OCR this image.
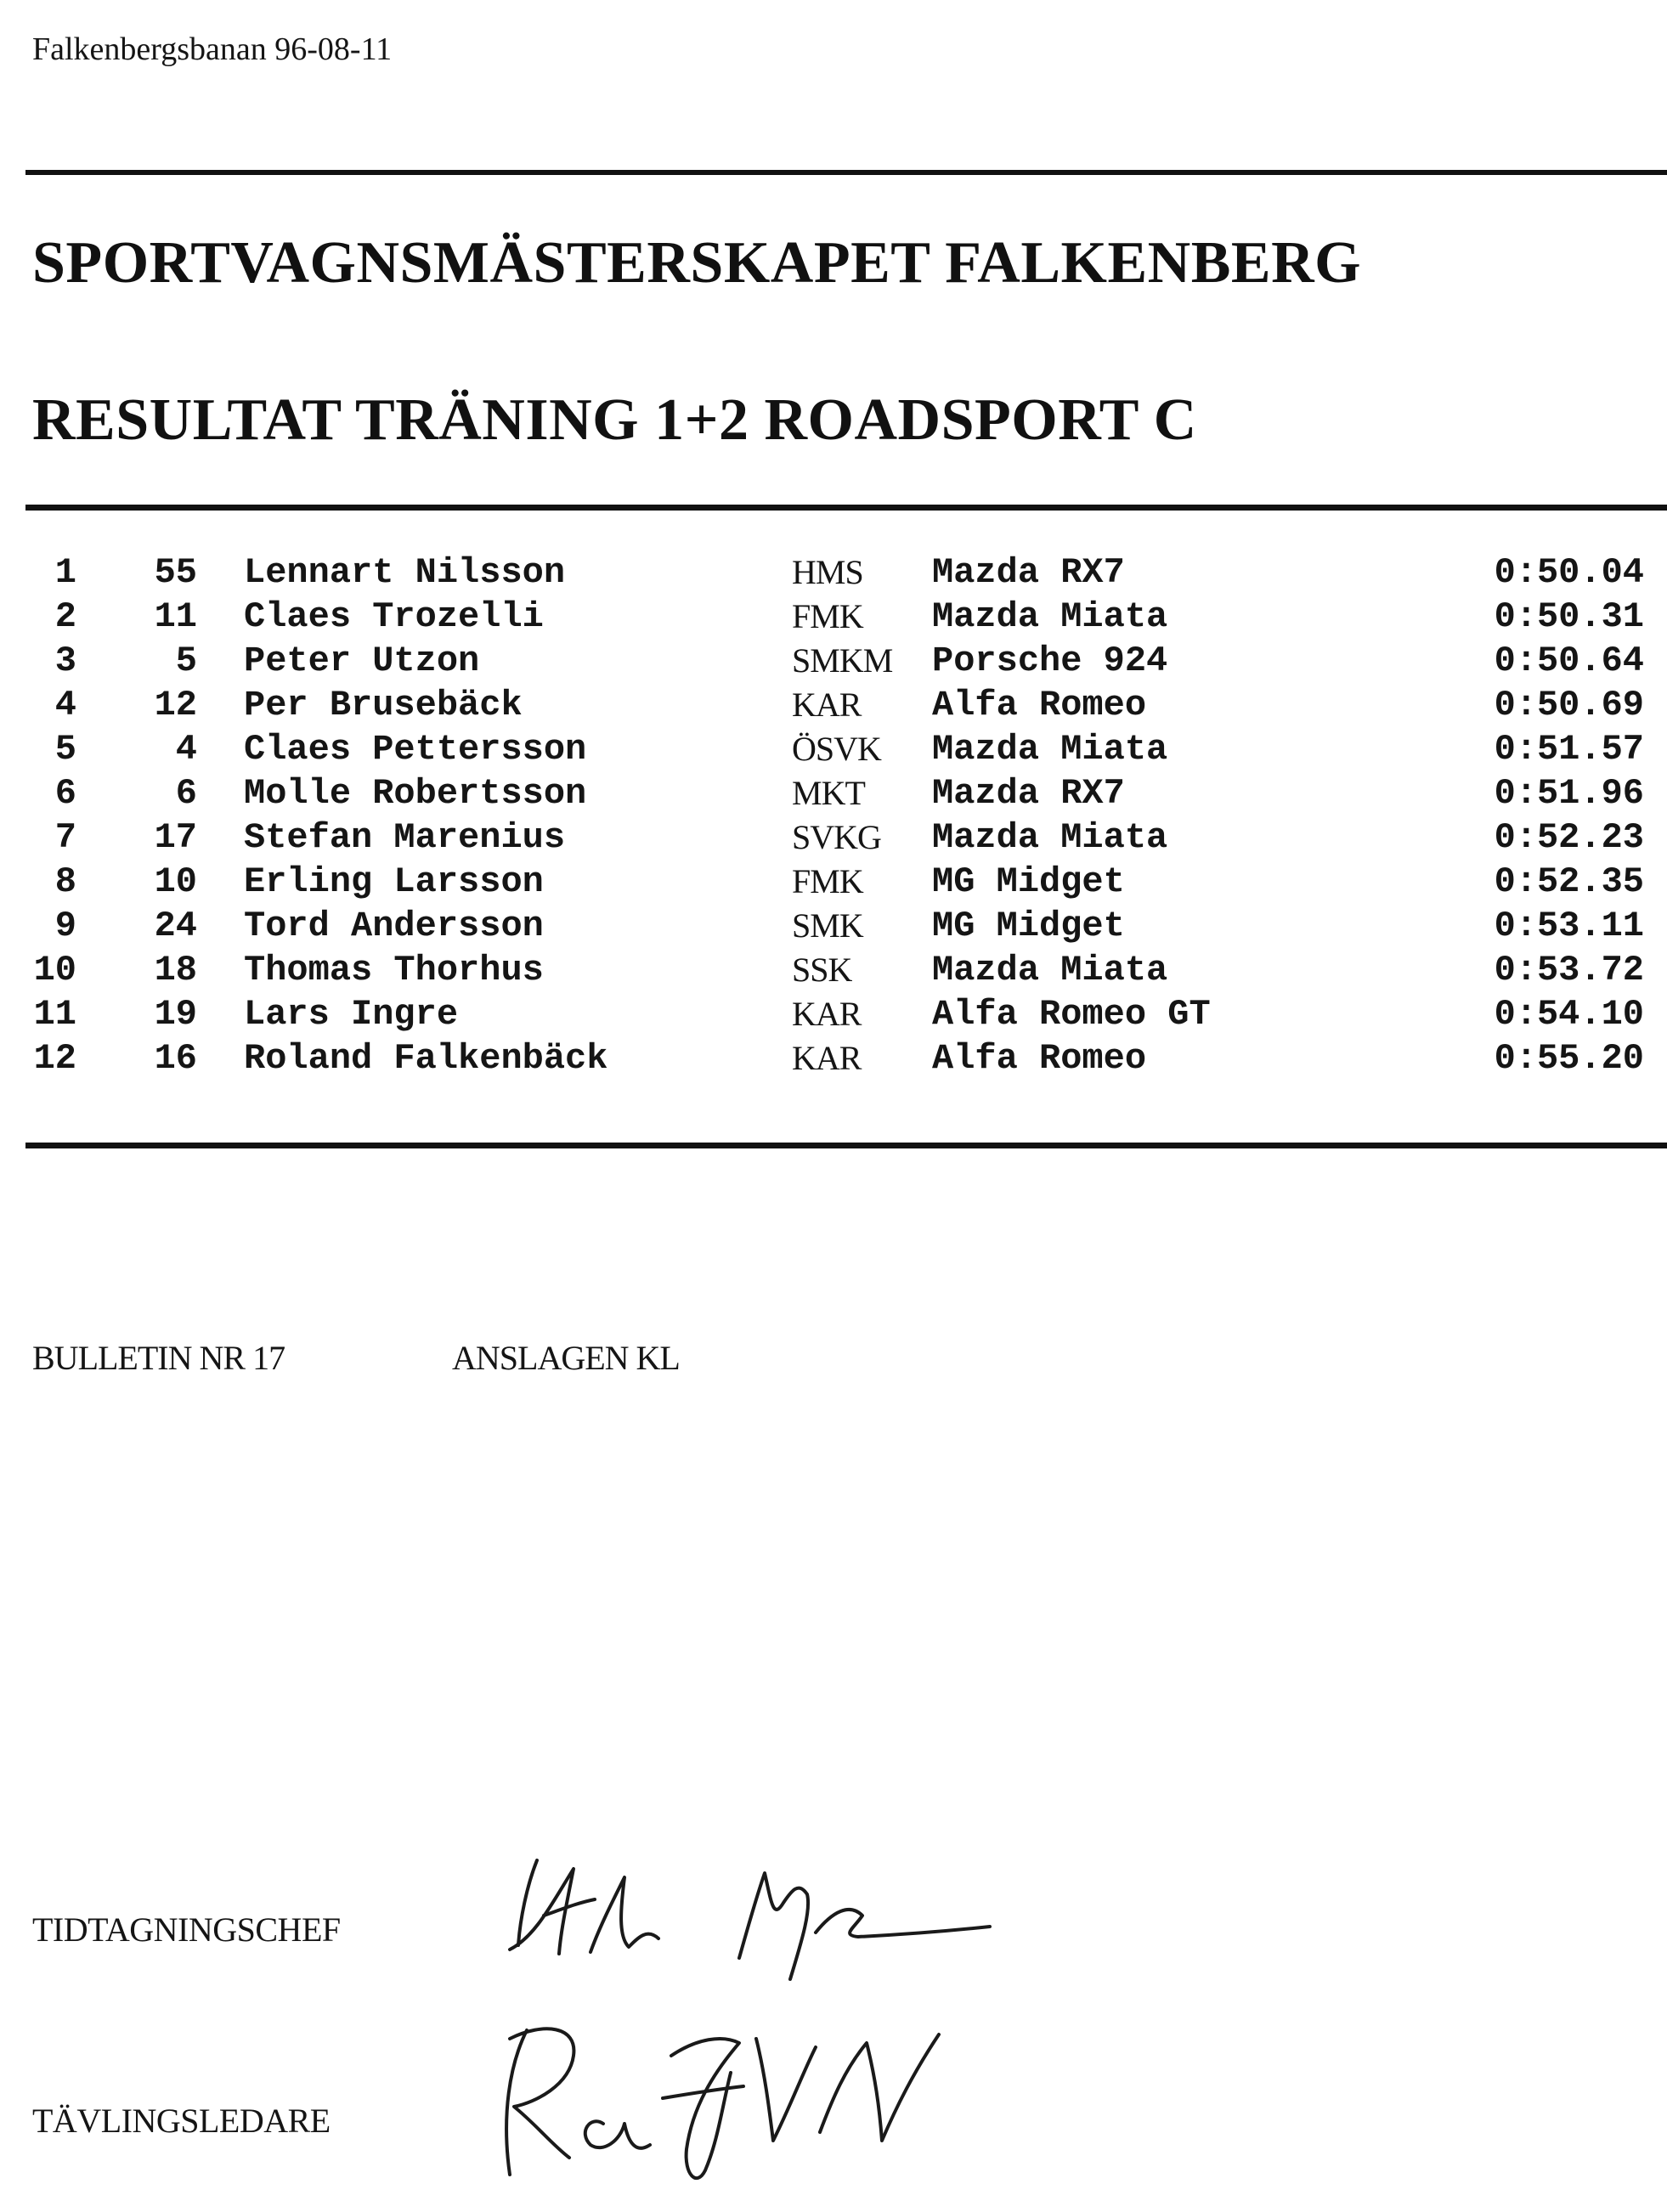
Falkenbergsbanan 96-08-11
SPORTVAGNSMÄSTERSKAPET FALKENBERG
RESULTAT TRÄNING 1+2 ROADSPORT C
1	55 Lennart Nilsson	HMS Mazda RX7	0:50.04
2	11 Claes Trozelli	FMK Mazda Miata	0:50.31
3	5 Peter Utzon	SMKM Porsche 924	0:50.64
4	12 Per Brusebäck	KAR Alfa Romeo	0:50.69
5	4 Claes Pettersson	ÖSVK Mazda Miata	0:51.57
6	6 Molle Robertsson	MKT Mazda RX7	0:51.96
7	17 Stefan Marenius	SVKG Mazda Miata	0:52.23
8	10 Erling Larsson	FMK MG Midget	0:52.35
9	24 Tord Andersson	SMK MG Midget	0:53.11
10	18 Thomas Thorhus	SSK Mazda Miata	0:53.72
11	19 Lars Ingre	KAR Alfa Romeo GT	0:54.10
12	16 Roland Falkenbäck	KAR Alfa Romeo	0:55.20
BULLETIN NR 17	ANSLAGEN KL
TIDTAGNINGSCHEF
TÄVLINGSLEDARE
